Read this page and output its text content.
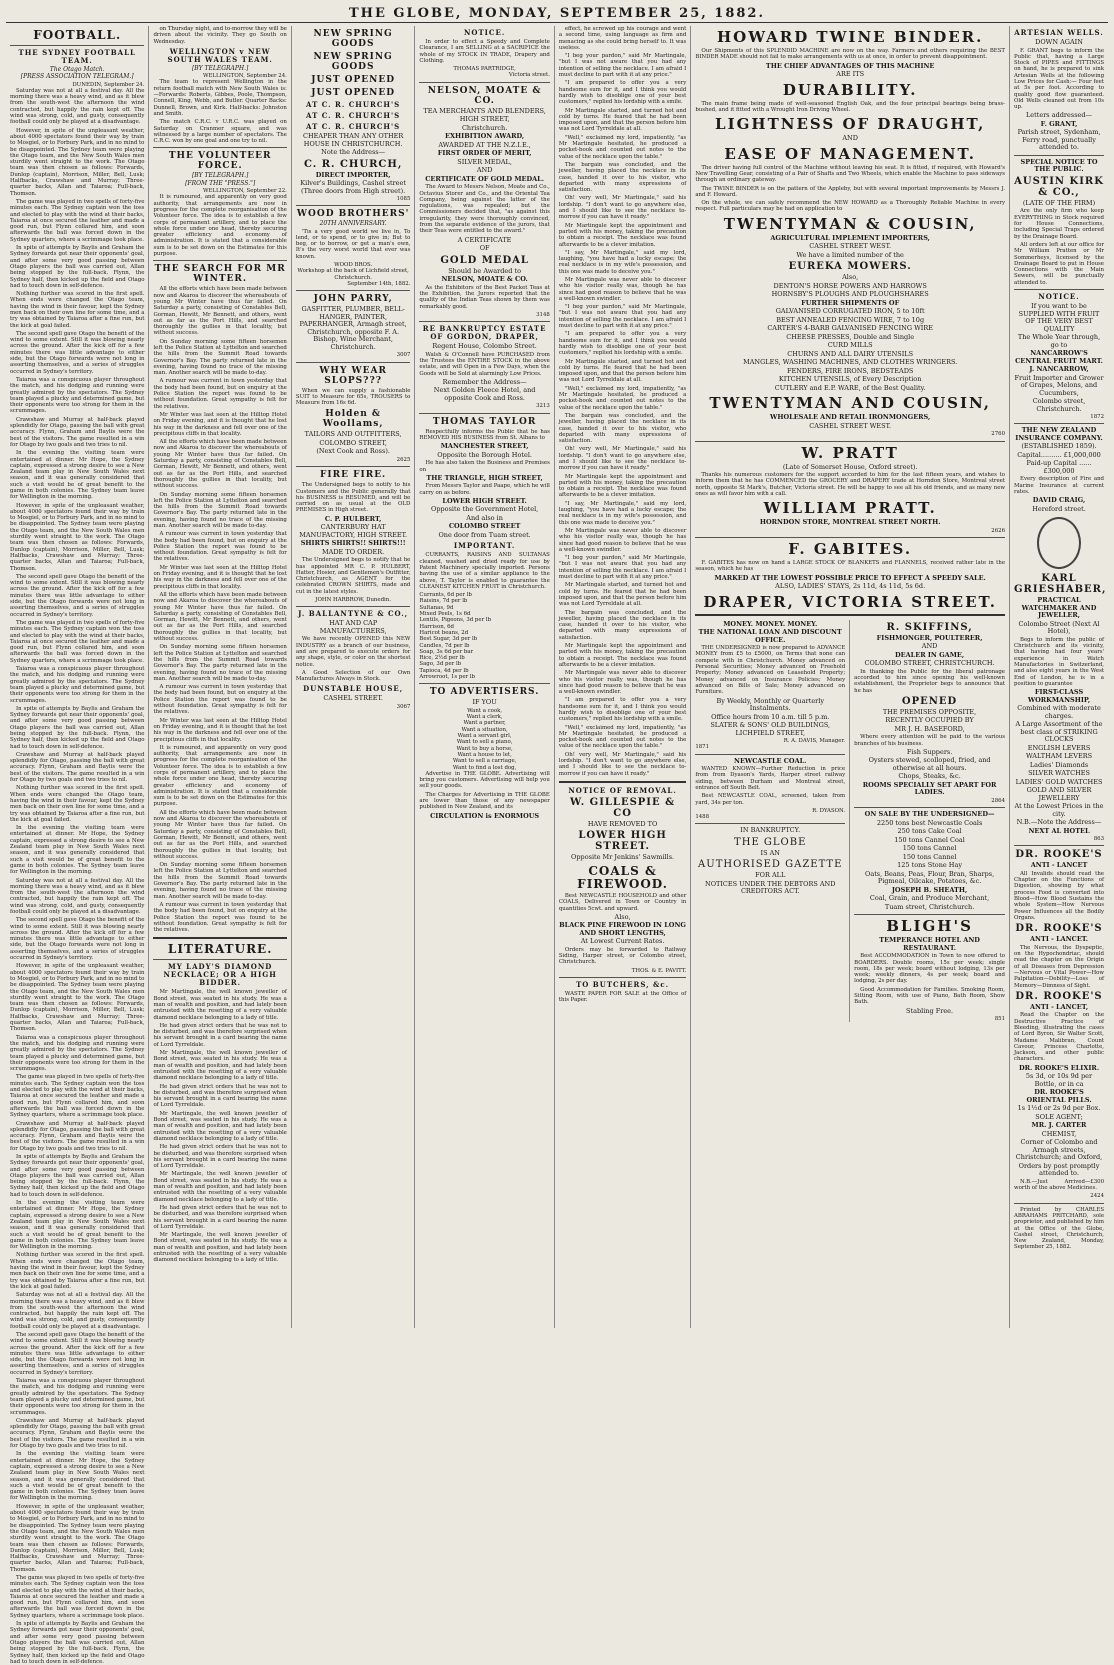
THE GLOBE, MONDAY, SEPTEMBER 25, 1882.
FOOTBALL.
THE SYDNEY FOOTBALL TEAM.
The Otago Match.
[PRESS ASSOCIATION TELEGRAM.]
DUNEDIN, September 24.

Saturday was not at all a festival day. All the morning there was a heavy wind, and as it blew from the south-west the afternoon the wind contracted, but happily the rain kept off. The wind was strong, cold, and gusty, consequently football could only be played at a disadvantage.

However, in spite of the unpleasant weather, about 4000 spectators found their way by train to Mosgiel, or to Forbury Park, and in no mind to be disappointed. The Sydney team were playing the Otago team, and the New South Wales men sturdily went straight to the work. The Otago team was then chosen as follows: Forwards, Dunlop (captain), Morrison, Miller, Bell, Lusk; Halfbacks, Crawshaw and Murray; Three-quarter backs, Allan and Taiaroa; Full-back, Thomson.

The game was played in two spells of forty-five minutes each. The Sydney captain won the toss and elected to play with the wind at their backs, Taiaroa at once secured the leather and made a good run, but Flynn collared him, and soon afterwards the ball was forced down in the Sydney quarters, where a scrimmage took place.

In spite of attempts by Baylis and Graham the Sydney forwards got near their opponents' goal, and after some very good passing between Otago players the ball was carried out, Allan being stopped by the full-back. Flynn, the Sydney half, then kicked up the field and Otago had to touch down in self-defence.

Nothing further was scored in the first spell. When ends were changed the Otago team, having the wind in their favour, kept the Sydney men back on their own line for some time, and a try was obtained by Taiaroa after a fine run, but the kick at goal failed.

The second spell gave Otago the benefit of the wind to some extent. Still it was blowing nearly across the ground. After the kick off for a few minutes there was little advantage to either side, but the Otago forwards were not long in asserting themselves, and a series of struggles occurred in Sydney's territory.

Taiaroa was a conspicuous player throughout the match, and his dodging and running were greatly admired by the spectators. The Sydney team played a plucky and determined game, but their opponents were too strong for them in the scrummages.

Crawshaw and Murray at half-back played splendidly for Otago, passing the ball with great accuracy. Flynn, Graham and Baylis were the best of the visitors. The game resulted in a win for Otago by two goals and two tries to nil.

In the evening the visiting team were entertained at dinner. Mr Hope, the Sydney captain, expressed a strong desire to see a New Zealand team play in New South Wales next season, and it was generally considered that such a visit would be of great benefit to the game in both colonies. The Sydney team leave for Wellington in the morning.

However, in spite of the unpleasant weather, about 4000 spectators found their way by train to Mosgiel, or to Forbury Park, and in no mind to be disappointed. The Sydney team were playing the Otago team, and the New South Wales men sturdily went straight to the work. The Otago team was then chosen as follows: Forwards, Dunlop (captain), Morrison, Miller, Bell, Lusk; Halfbacks, Crawshaw and Murray; Three-quarter backs, Allan and Taiaroa; Full-back, Thomson.

The second spell gave Otago the benefit of the wind to some extent. Still it was blowing nearly across the ground. After the kick off for a few minutes there was little advantage to either side, but the Otago forwards were not long in asserting themselves, and a series of struggles occurred in Sydney's territory.

The game was played in two spells of forty-five minutes each. The Sydney captain won the toss and elected to play with the wind at their backs, Taiaroa at once secured the leather and made a good run, but Flynn collared him, and soon afterwards the ball was forced down in the Sydney quarters, where a scrimmage took place.

Taiaroa was a conspicuous player throughout the match, and his dodging and running were greatly admired by the spectators. The Sydney team played a plucky and determined game, but their opponents were too strong for them in the scrummages.

In spite of attempts by Baylis and Graham the Sydney forwards got near their opponents' goal, and after some very good passing between Otago players the ball was carried out, Allan being stopped by the full-back. Flynn, the Sydney half, then kicked up the field and Otago had to touch down in self-defence.

Crawshaw and Murray at half-back played splendidly for Otago, passing the ball with great accuracy. Flynn, Graham and Baylis were the best of the visitors. The game resulted in a win for Otago by two goals and two tries to nil.

Nothing further was scored in the first spell. When ends were changed the Otago team, having the wind in their favour, kept the Sydney men back on their own line for some time, and a try was obtained by Taiaroa after a fine run, but the kick at goal failed.

In the evening the visiting team were entertained at dinner. Mr Hope, the Sydney captain, expressed a strong desire to see a New Zealand team play in New South Wales next season, and it was generally considered that such a visit would be of great benefit to the game in both colonies. The Sydney team leave for Wellington in the morning.

Saturday was not at all a festival day. All the morning there was a heavy wind, and as it blew from the south-west the afternoon the wind contracted, but happily the rain kept off. The wind was strong, cold, and gusty, consequently football could only be played at a disadvantage.

The second spell gave Otago the benefit of the wind to some extent. Still it was blowing nearly across the ground. After the kick off for a few minutes there was little advantage to either side, but the Otago forwards were not long in asserting themselves, and a series of struggles occurred in Sydney's territory.

However, in spite of the unpleasant weather, about 4000 spectators found their way by train to Mosgiel, or to Forbury Park, and in no mind to be disappointed. The Sydney team were playing the Otago team, and the New South Wales men sturdily went straight to the work. The Otago team was then chosen as follows: Forwards, Dunlop (captain), Morrison, Miller, Bell, Lusk; Halfbacks, Crawshaw and Murray; Three-quarter backs, Allan and Taiaroa; Full-back, Thomson.

Taiaroa was a conspicuous player throughout the match, and his dodging and running were greatly admired by the spectators. The Sydney team played a plucky and determined game, but their opponents were too strong for them in the scrummages.

The game was played in two spells of forty-five minutes each. The Sydney captain won the toss and elected to play with the wind at their backs, Taiaroa at once secured the leather and made a good run, but Flynn collared him, and soon afterwards the ball was forced down in the Sydney quarters, where a scrimmage took place.

Crawshaw and Murray at half-back played splendidly for Otago, passing the ball with great accuracy. Flynn, Graham and Baylis were the best of the visitors. The game resulted in a win for Otago by two goals and two tries to nil.

In spite of attempts by Baylis and Graham the Sydney forwards got near their opponents' goal, and after some very good passing between Otago players the ball was carried out, Allan being stopped by the full-back. Flynn, the Sydney half, then kicked up the field and Otago had to touch down in self-defence.

In the evening the visiting team were entertained at dinner. Mr Hope, the Sydney captain, expressed a strong desire to see a New Zealand team play in New South Wales next season, and it was generally considered that such a visit would be of great benefit to the game in both colonies. The Sydney team leave for Wellington in the morning.

Nothing further was scored in the first spell. When ends were changed the Otago team, having the wind in their favour, kept the Sydney men back on their own line for some time, and a try was obtained by Taiaroa after a fine run, but the kick at goal failed.

Saturday was not at all a festival day. All the morning there was a heavy wind, and as it blew from the south-west the afternoon the wind contracted, but happily the rain kept off. The wind was strong, cold, and gusty, consequently football could only be played at a disadvantage.

The second spell gave Otago the benefit of the wind to some extent. Still it was blowing nearly across the ground. After the kick off for a few minutes there was little advantage to either side, but the Otago forwards were not long in asserting themselves, and a series of struggles occurred in Sydney's territory.

Taiaroa was a conspicuous player throughout the match, and his dodging and running were greatly admired by the spectators. The Sydney team played a plucky and determined game, but their opponents were too strong for them in the scrummages.

Crawshaw and Murray at half-back played splendidly for Otago, passing the ball with great accuracy. Flynn, Graham and Baylis were the best of the visitors. The game resulted in a win for Otago by two goals and two tries to nil.

In the evening the visiting team were entertained at dinner. Mr Hope, the Sydney captain, expressed a strong desire to see a New Zealand team play in New South Wales next season, and it was generally considered that such a visit would be of great benefit to the game in both colonies. The Sydney team leave for Wellington in the morning.

However, in spite of the unpleasant weather, about 4000 spectators found their way by train to Mosgiel, or to Forbury Park, and in no mind to be disappointed. The Sydney team were playing the Otago team, and the New South Wales men sturdily went straight to the work. The Otago team was then chosen as follows: Forwards, Dunlop (captain), Morrison, Miller, Bell, Lusk; Halfbacks, Crawshaw and Murray; Three-quarter backs, Allan and Taiaroa; Full-back, Thomson.

The game was played in two spells of forty-five minutes each. The Sydney captain won the toss and elected to play with the wind at their backs, Taiaroa at once secured the leather and made a good run, but Flynn collared him, and soon afterwards the ball was forced down in the Sydney quarters, where a scrimmage took place.

In spite of attempts by Baylis and Graham the Sydney forwards got near their opponents' goal, and after some very good passing between Otago players the ball was carried out, Allan being stopped by the full-back. Flynn, the Sydney half, then kicked up the field and Otago had to touch down in self-defence.

on Thursday night, and to-morrow they will be driven about the vicinity. They go South on Wednesday.

WELLINGTON v NEW SOUTH WALES TEAM.
[BY TELEGRAPH.]
WELLINGTON, September 24.

The team to represent Wellington in the return football match with New South Wales is:—Forwards: Roberts, Gibbes, Poole, Thompson, Connell, King, Webb, and Butler. Quarter Backs: Dunnell, Brown, and Kirk. Half-backs: Johnston and Smith.

The match C.R.C. v U.R.C. was played on Saturday on Cranmer square, and was witnessed by a large number of spectators. The C.R.C. won by one goal and one try to nil.

THE VOLUNTEER FORCE.
[BY TELEGRAPH.]
[FROM THE "PRESS."]
WELLINGTON, September 22.

It is rumoured, and apparently on very good authority, that arrangements are now in progress for the complete reorganisation of the Volunteer force. The idea is to establish a few corps of permanent artillery, and to place the whole force under one head, thereby securing greater efficiency and economy of administration. It is stated that a considerable sum is to be set down on the Estimates for this purpose.

THE SEARCH FOR MR WINTER.

All the efforts which have been made between now and Akaroa to discover the whereabouts of young Mr Winter have thus far failed. On Saturday a party, consisting of Constables Bell, Gorman, Hewitt, Mr Bennett, and others, went out as far as the Port Hills, and searched thoroughly the gullies in that locality, but without success.

On Sunday morning some fifteen horsemen left the Police Station at Lyttelton and searched the hills from the Summit Road towards Governor's Bay. The party returned late in the evening, having found no trace of the missing man. Another search will be made to-day.

A rumour was current in town yesterday that the body had been found, but on enquiry at the Police Station the report was found to be without foundation. Great sympathy is felt for the relatives.

Mr Winter was last seen at the Hilltop Hotel on Friday evening, and it is thought that he lost his way in the darkness and fell over one of the precipitous cliffs in that locality.

All the efforts which have been made between now and Akaroa to discover the whereabouts of young Mr Winter have thus far failed. On Saturday a party, consisting of Constables Bell, Gorman, Hewitt, Mr Bennett, and others, went out as far as the Port Hills, and searched thoroughly the gullies in that locality, but without success.

On Sunday morning some fifteen horsemen left the Police Station at Lyttelton and searched the hills from the Summit Road towards Governor's Bay. The party returned late in the evening, having found no trace of the missing man. Another search will be made to-day.

A rumour was current in town yesterday that the body had been found, but on enquiry at the Police Station the report was found to be without foundation. Great sympathy is felt for the relatives.

Mr Winter was last seen at the Hilltop Hotel on Friday evening, and it is thought that he lost his way in the darkness and fell over one of the precipitous cliffs in that locality.

All the efforts which have been made between now and Akaroa to discover the whereabouts of young Mr Winter have thus far failed. On Saturday a party, consisting of Constables Bell, Gorman, Hewitt, Mr Bennett, and others, went out as far as the Port Hills, and searched thoroughly the gullies in that locality, but without success.

On Sunday morning some fifteen horsemen left the Police Station at Lyttelton and searched the hills from the Summit Road towards Governor's Bay. The party returned late in the evening, having found no trace of the missing man. Another search will be made to-day.

A rumour was current in town yesterday that the body had been found, but on enquiry at the Police Station the report was found to be without foundation. Great sympathy is felt for the relatives.

Mr Winter was last seen at the Hilltop Hotel on Friday evening, and it is thought that he lost his way in the darkness and fell over one of the precipitous cliffs in that locality.

It is rumoured, and apparently on very good authority, that arrangements are now in progress for the complete reorganisation of the Volunteer force. The idea is to establish a few corps of permanent artillery, and to place the whole force under one head, thereby securing greater efficiency and economy of administration. It is stated that a considerable sum is to be set down on the Estimates for this purpose.

All the efforts which have been made between now and Akaroa to discover the whereabouts of young Mr Winter have thus far failed. On Saturday a party, consisting of Constables Bell, Gorman, Hewitt, Mr Bennett, and others, went out as far as the Port Hills, and searched thoroughly the gullies in that locality, but without success.

On Sunday morning some fifteen horsemen left the Police Station at Lyttelton and searched the hills from the Summit Road towards Governor's Bay. The party returned late in the evening, having found no trace of the missing man. Another search will be made to-day.

A rumour was current in town yesterday that the body had been found, but on enquiry at the Police Station the report was found to be without foundation. Great sympathy is felt for the relatives.

LITERATURE.
MY LADY'S DIAMOND NECKLACE; OR A HIGH BIDDER.

Mr Martingale, the well known jeweller of Bond street, was seated in his study. He was a man of wealth and position, and had lately been entrusted with the resetting of a very valuable diamond necklace belonging to a lady of title.

He had given strict orders that he was not to be disturbed, and was therefore surprised when his servant brought in a card bearing the name of Lord Tyrreldale.

Mr Martingale, the well known jeweller of Bond street, was seated in his study. He was a man of wealth and position, and had lately been entrusted with the resetting of a very valuable diamond necklace belonging to a lady of title.

He had given strict orders that he was not to be disturbed, and was therefore surprised when his servant brought in a card bearing the name of Lord Tyrreldale.

Mr Martingale, the well known jeweller of Bond street, was seated in his study. He was a man of wealth and position, and had lately been entrusted with the resetting of a very valuable diamond necklace belonging to a lady of title.

He had given strict orders that he was not to be disturbed, and was therefore surprised when his servant brought in a card bearing the name of Lord Tyrreldale.

Mr Martingale, the well known jeweller of Bond street, was seated in his study. He was a man of wealth and position, and had lately been entrusted with the resetting of a very valuable diamond necklace belonging to a lady of title.

He had given strict orders that he was not to be disturbed, and was therefore surprised when his servant brought in a card bearing the name of Lord Tyrreldale.

Mr Martingale, the well known jeweller of Bond street, was seated in his study. He was a man of wealth and position, and had lately been entrusted with the resetting of a very valuable diamond necklace belonging to a lady of title.

NEW SPRING GOODS
NEW SPRING GOODS
JUST OPENED
JUST OPENED
AT C. R. CHURCH'S
AT C. R. CHURCH'S
AT C. R. CHURCH'S
CHEAPER THAN ANY OTHER HOUSE IN CHRISTCHURCH.
Note the Address—
C. R. CHURCH,
DIRECT IMPORTER,
Kilver's Buildings, Cashel street (Three doors from High street).
1085
WOOD BROTHERS'
20TH ANNIVERSARY.

'Tis a very good world we live in, To lend, or to spend, or to give in; But to beg, or to borrow, or get a man's own, It's the very worst world that ever was known.

WOOD BROS.
Workshop at the back of Lichfield street, Christchurch.
September 14th, 1882.
JOHN PARRY,
GASFITTER, PLUMBER, BELL-HANGER, PAINTER, PAPERHANGER, Armagh street, Christchurch, opposite F. A. Bishop, Wine Merchant, Christchurch.
3007
WHY WEAR SLOPS???

When we can supply a fashionable SUIT to Measure for 65s, TROUSERS to Measure from 16s 6d.

Holden & Woollams,
TAILORS AND OUTFITTERS,
COLOMBO STREET,
(Next Cook and Ross).
2625
FIRE FIRE.

The Undersigned begs to notify to his Customers and the Public generally that his BUSINESS is RESUMED, and will be carried on as usual at the OLD PREMISES in High street.

C. P. HULBERT,
CANTERBURY HAT MANUFACTORY, HIGH STREET.
SHIRTS SHIRTS!! SHIRTS!!!
MADE TO ORDER.

The Undersigned begs to notify that he has appointed MR C. P. HULBERT, Hatter, Hosier, and Gentlemen's Outfitter, Christchurch, as AGENT for the celebrated CROWN SHIRTS, made and cut in the latest styles.

JOHN HARBROW, Dunedin.
J. BALLANTYNE & CO.,
HAT AND CAP MANUFACTURERS,

We have recently OPENED this NEW INDUSTRY as a branch of our business, and are prepared to execute orders for any shape, style, or color on the shortest notice.

A Good Selection of our Own Manufactures Always in Stock.

DUNSTABLE HOUSE,
CASHEL STREET.
3067
NOTICE.

In order to effect a Speedy and Complete Clearance, I am SELLING at a SACRIFICE the whole of my STOCK IN TRADE, Drapery and Clothing.

THOMAS PARTRIDGE,
Victoria street.
NELSON, MOATE & CO.
TEA MERCHANTS AND BLENDERS,
HIGH STREET,
Christchurch.
EXHIBITION AWARD,
AWARDED AT THE N.Z.I.E.,
FIRST ORDER OF MERIT,
SILVER MEDAL,
AND
CERTIFICATE OF GOLD MEDAL.

The Award to Messrs Nelson, Moate and Co., Octavius Storer and Co., and the Oriental Tea Company, being against the latter of the regulations, was repealed; but the Commissioners decided that, "as against this irregularity, they were thoroughly convinced, from the separate evidence of the jurors, that their Teas were entitled to the award."

A CERTIFICATE
OF
GOLD MEDAL
Should be Awarded to
NELSON, MOATE & CO.

As the Exhibitors of the Best Packet Teas at the Exhibition, the Jurors reported that the quality of the Indian Teas shown by them was remarkably good.

3148
RE BANKRUPTCY ESTATE OF GORDON, DRAPER,
Regent House, Colombo Street.

Walsh & O'Connell have PURCHASED from the Trustees the ENTIRE STOCK in the above estate, and will Open in a Few Days, when the Goods will be Sold at alarmingly Low Prices.

Remember the Address—
Next Golden Fleece Hotel, and opposite Cook and Ross.
3213
THOMAS TAYLOR

Respectfully informs the Public that he has REMOVED HIS BUSINESS from St. Albans to

MANCHESTER STREET,
Opposite the Borough Hotel.

He has also taken the Business and Premises on

THE TRIANGLE, HIGH STREET,

From Messrs Taylor and Paape, which he will carry on as before.

LOWER HIGH STREET.
Opposite the Government Hotel,
And also in
COLOMBO STREET
One door from Tuam street.
IMPORTANT.

CURRANTS, RAISINS AND SULTANAS cleaned, washed and dried ready for use by Patent Machinery specially imported. Persons having the use of a similar appliance to the above, T. Taylor is enabled to guarantee the CLEANEST KITCHEN FRUIT in Christchurch.

Currants, 6d per lb
Raisins, 7d per lb
Sultanas, 9d
Mixed Peels, 1s 6d
Lentils, Pigeons, 3d per lb
Harrison, 6d
Haricot beans, 2d
Best Sugar, 3d per lb
Candles, 7d per lb
Soap, 3s 6d per bar
Rice, 2½d per lb
Sago, 3d per lb
Tapioca, 4d per lb
Arrowroot, 1s per lb
TO ADVERTISERS.
IF YOU
Want a cook,
Want a clerk,
Want a partner,
Want a situation,
Want a servant girl,
Want to sell a piano,
Want to buy a horse,
Want a house to let,
Want to sell a carriage,
Want to find a lost dog,

Advertise in THE GLOBE. Advertising will bring you customers. Advertising will help you sell your goods.

The Charges for Advertising in THE GLOBE are lower than those of any newspaper published in New Zealand, and its

CIRCULATION is ENORMOUS

effect, he screwed up his courage and went a second time, using language as firm and menacing as she could bring herself to. It was useless.

"I beg your pardon," said Mr Martingale, "but I was not aware that you had any intention of selling the necklace. I am afraid I must decline to part with it at any price."

"I am prepared to offer you a very handsome sum for it, and I think you would hardly wish to disoblige one of your best customers," replied his lordship with a smile.

Mr Martingale started, and turned hot and cold by turns. He feared that he had been imposed upon, and that the person before him was not Lord Tyrreldale at all.

"Well," exclaimed my lord, impatiently, "as Mr Martingale hesitated, he produced a pocket-book and counted out notes to the value of the necklace upon the table."

The bargain was concluded, and the jeweller, having placed the necklace in its case, handed it over to his visitor, who departed with many expressions of satisfaction.

Oh! very well, Mr Martingale," said his lordship. "I don't want to go anywhere else, and I should like to see the necklace to-morrow if you can have it ready."

Mr Martingale kept the appointment and parted with his money, taking the precaution to obtain a receipt. The necklace was found afterwards to be a clever imitation.

"I say, Mr Martingale," said my lord, laughing, "you have had a lucky escape; the real necklace is in my wife's possession, and this one was made to deceive you."

Mr Martingale was never able to discover who his visitor really was, though he has since had good reason to believe that he was a well-known swindler.

"I beg your pardon," said Mr Martingale, "but I was not aware that you had any intention of selling the necklace. I am afraid I must decline to part with it at any price."

"I am prepared to offer you a very handsome sum for it, and I think you would hardly wish to disoblige one of your best customers," replied his lordship with a smile.

Mr Martingale started, and turned hot and cold by turns. He feared that he had been imposed upon, and that the person before him was not Lord Tyrreldale at all.

"Well," exclaimed my lord, impatiently, "as Mr Martingale hesitated, he produced a pocket-book and counted out notes to the value of the necklace upon the table."

The bargain was concluded, and the jeweller, having placed the necklace in its case, handed it over to his visitor, who departed with many expressions of satisfaction.

Oh! very well, Mr Martingale," said his lordship. "I don't want to go anywhere else, and I should like to see the necklace to-morrow if you can have it ready."

Mr Martingale kept the appointment and parted with his money, taking the precaution to obtain a receipt. The necklace was found afterwards to be a clever imitation.

"I say, Mr Martingale," said my lord, laughing, "you have had a lucky escape; the real necklace is in my wife's possession, and this one was made to deceive you."

Mr Martingale was never able to discover who his visitor really was, though he has since had good reason to believe that he was a well-known swindler.

"I beg your pardon," said Mr Martingale, "but I was not aware that you had any intention of selling the necklace. I am afraid I must decline to part with it at any price."

Mr Martingale started, and turned hot and cold by turns. He feared that he had been imposed upon, and that the person before him was not Lord Tyrreldale at all.

The bargain was concluded, and the jeweller, having placed the necklace in its case, handed it over to his visitor, who departed with many expressions of satisfaction.

Mr Martingale kept the appointment and parted with his money, taking the precaution to obtain a receipt. The necklace was found afterwards to be a clever imitation.

Mr Martingale was never able to discover who his visitor really was, though he has since had good reason to believe that he was a well-known swindler.

"I am prepared to offer you a very handsome sum for it, and I think you would hardly wish to disoblige one of your best customers," replied his lordship with a smile.

"Well," exclaimed my lord, impatiently, "as Mr Martingale hesitated, he produced a pocket-book and counted out notes to the value of the necklace upon the table."

Oh! very well, Mr Martingale," said his lordship. "I don't want to go anywhere else, and I should like to see the necklace to-morrow if you can have it ready."

NOTICE OF REMOVAL.
W. GILLESPIE & CO
HAVE REMOVED TO
LOWER HIGH STREET.
Opposite Mr Jenkins' Sawmills.
COALS & FIREWOOD.

Best NEWCASTLE HOUSEHOLD and other COALS, Delivered in Town or Country in quantities 5cwt. and upward.

Also,
BLACK PINE FIREWOOD IN LONG AND SHORT LENGTHS,
At Lowest Current Rates.

Orders may be forwarded to Railway Siding, Harper street, or Colombo street, Christchurch.

THOS. & E. PAVITT.
TO BUTCHERS, &c.

WASTE PAPER FOR SALE at the Office of this Paper.

HOWARD TWINE BINDER.

Our Shipments of this SPLENDID MACHINE are now on the way. Farmers and others requiring the BEST BINDER MADE should not fail to make arrangements with us at once, in order to prevent disappointment.

THE CHIEF ADVANTAGES OF THIS MACHINE
ARE ITS
DURABILITY.

The main frame being made of well-seasoned English Oak, and the four principal bearings being brass-bushed, and it fitted with a Wrought Iron Driving Wheel.

LIGHTNESS OF DRAUGHT,
AND
EASE OF MANAGEMENT.

The driver having full control of the Machine without leaving his seat. It is fitted, if required, with Howard's New Travelling Gear, consisting of a Pair of Shafts and Two Wheels, which enable the Machine to pass sideways through an ordinary gateway.

The TWINE BINDER is on the pattern of the Appleby, but with several important improvements by Messrs J. and F. Howard.

On the whole, we can safely recommend the NEW HOWARD as a Thoroughly Reliable Machine in every respect. Full particulars may be had on application to

TWENTYMAN & COUSIN,
AGRICULTURAL IMPLEMENT IMPORTERS,
CASHEL STREET WEST.
We have a limited number of the
EUREKA MOWERS.
Also,
DENTON'S HORSE POWERS AND HARROWS
HORNSBY'S PLOUGHS AND PLOUGHSHARES
FURTHER SHIPMENTS OF
GALVANISED CORRUGATED IRON, 5 to 10ft
BEST ANNEALED FENCING WIRE, 7 to 10g
CARTER'S 4-BARB GALVANISED FENCING WIRE
CHEESE PRESSES, Double and Single
CURD MILLS
CHURNS AND ALL DAIRY UTENSILS
MANGLES, WASHING MACHINES, AND CLOTHES WRINGERS.
FENDERS, FIRE IRONS, BEDSTEADS
KITCHEN UTENSILS, of Every Description
CUTLERY and E.P. WARE, of the Best Quality.
TWENTYMAN AND COUSIN,
WHOLESALE AND RETAIL IRONMONGERS,
CASHEL STREET WEST.
2760
W. PRATT
(Late of Somerset House, Oxford street).

Thanks his numerous customers for the support accorded to him for the last fifteen years, and wishes to inform them that he has COMMENCED the GROCERY and DRAPERY trade at Horndon Store, Montreal street north, opposite St Mark's, Butcher, Victoria street. He will be happy to see all his old friends, and as many new ones as will favor him with a call.

WILLIAM PRATT.
HORNDON STORE, MONTREAL STREET NORTH.
2626
F. GABITES.

F. GABITES has now on hand a LARGE STOCK OF BLANKETS and FLANNELS, received rather late in the season, which he has

MARKED AT THE LOWEST POSSIBLE PRICE TO EFFECT A SPEEDY SALE.
ALSO, LADIES' STAYS, 2s 11d, 4s 11d, 5s 6d.
DRAPER, VICTORIA STREET.
MONEY. MONEY. MONEY.
THE NATIONAL LOAN AND DISCOUNT OFFICE.

THE UNDERSIGNED is now prepared to ADVANCE MONEY from £5 to £5000, on Terms that none can compete with in Christchurch. Money advanced on Personal Securities; Money advanced on Freehold Property; Money advanced on Leasehold Property; Money advanced on Insurance Policies; Money advanced on Bills of Sale; Money advanced on Furniture.

By Weekly, Monthly or Quarterly Instalments.
Office hours from 10 a.m. till 5 p.m.
SLATER & SONS' OLD BUILDINGS, LICHFIELD STREET,
R. A. DAVIS, Manager.
1871
NEWCASTLE COAL.

WANTED KNOWN—Further Reduction in price from from Dyason's Yards, Harper street railway siding, between Durham and Montreal street, entrance off South Belt.

Best NEWCASTLE COAL, screened, taken from yard, 34s per ton.

R. DYASON.
1488
IN BANKRUPTCY.
THE GLOBE
IS AN
AUTHORISED GAZETTE
FOR ALL
NOTICES UNDER THE DEBTORS AND CREDITORS ACT.
R. SKIFFINS,
FISHMONGER, POULTERER,
AND
DEALER IN GAME,
COLOMBO STREET, CHRISTCHURCH.

In thanking the Public for the liberal patronage accorded to him since opening his well-known establishment, the Proprietor begs to announce that he has

OPENED
THE PREMISES OPPOSITE,
RECENTLY OCCUPIED BY
MR J. H. BASEFORD,

Where every attention will be paid to the various branches of his business.

Fish Suppers.
Oysters stewed, scolloped, fried, and otherwise at all hours.
Chops, Steaks, &c.
ROOMS SPECIALLY SET APART FOR LADIES.
2864
ON SALE BY THE UNDERSIGNED—
2250 tons best Newcastle Coals
250 tons Cake Coal
150 tons Cannel Coal
150 tons Cannel
150 tons Cannel
125 tons Stone Hay
Oats, Beans, Peas, Flour, Bran, Sharps, Pigmeal, Oilcake, Potatoes, &c.
JOSEPH B. SHEATH,
Coal, Grain, and Produce Merchant,
Tuam street, Christchurch.
BLIGH'S
TEMPERANCE HOTEL AND RESTAURANT.

Best ACCOMMODATION in Town to now offered to BOARDERS. Double rooms, 15s per week; single room, 18s per week; board without lodging, 13s per week; weekly dinners, 4s per week; board and lodging, 2s per day.

Good Accommodation for Families. Smoking Room, Sitting Room, with use of Piano, Bath Room, Show Bath.

Stabling Free.
851
ARTESIAN WELLS.
DOWN AGAIN

F. GRANT begs to inform the Public that, having a Large Stock of PIPES and FITTINGS on hand, he is prepared to sink Artesian Wells at the following Low Prices for Cash:— Four feet at 5s per foot. According to quality good flow guaranteed. Old Wells cleaned out from 10s up.

Letters addressed—
F. GRANT,
Parish street, Sydenham, Ferry road, punctually attended to.
SPECIAL NOTICE TO THE PUBLIC.
AUSTIN KIRK & CO.,
(LATE OF THE FIRM)

Are the only firm who keep EVERYTHING in Stock required for House Connections, including Special Traps ordered by the Drainage Board.

All orders left at our office for Mr William Pratten or Mr Sommerheys, licensed by the Drainage Board to put in House Connections with the Main Sewers, will be punctually attended to.

NOTICE.
If you want to be SUPPLIED WITH FRUIT OF THE VERY BEST QUALITY
The Whole Year through, go to
NANCARROW'S CENTRAL FRUIT MART.
J. NANCARROW,
Fruit Importer and Grower of Grapes, Melons, and Cucumbers,
Colombo street, Christchurch.
1872
THE NEW ZEALAND INSURANCE COMPANY.
(ESTABLISHED 1859).
Capital.......... £1,000,000
Paid-up Capital ...... £300,000

Every description of Fire and Marine Insurance at current rates.

DAVID CRAIG,
Hereford street.
KARL GRIESHABER,
PRACTICAL WATCHMAKER AND JEWELLER,
Colombo Street (Next Al Hotel),

Begs to inform the public of Christchurch and its vicinity, that having had four years' experience in Watch Manufactories in Switzerland, and also eight years in the West End of London, he is in a position to guarantee

FIRST-CLASS WORKMANSHIP,
Combined with moderate charges.
A Large Assortment of the best class of STRIKING CLOCKS
ENGLISH LEVERS
WALTHAM LEVERS
Ladies' Diamonds
SILVER WATCHES
LADIES' GOLD WATCHES
GOLD AND SILVER JEWELLERY
At the Lowest Prices in the city.
N.B.—Note the Address—
NEXT AL HOTEL
863
DR. ROOKE'S
ANTI - LANCET

All Invalids should read the Chapter on the Functions of Digestion, showing by what process Food is converted into Blood—How Blood Sustains the whole System—How Nervous Power Influences all the Bodily Organs.

DR. ROOKE'S
ANTI - LANCET.

The Nervous, the Dyspeptic, on the Hypochondriac, should read the chapter on the Origin of all Diseases from Depression—Nervous or Vital Power—How Palpitation—Debility—Loss of Memory—Dimness of Sight.

DR. ROOKE'S
ANTI - LANCET,

Read the Chapter on the Destructive Practice of Bleeding, illustrating the cases of Lord Byron, Sir Walter Scott, Madame Malibran, Count Cavour, Princess Charlotte, Jackson, and other public characters.

DR. ROOKE'S ELIXIR.
5s 3d, or 10s 9d per Bottle, or in ca
DR. ROOKE'S ORIENTAL PILLS.
1s 1½d or 2s 9d per Box.
SOLE AGENT;
MR. J. CARTER
CHEMIST,
Corner of Colombo and Armagh streets, Christchurch; and Oxford,
Orders by post promptly attended to.

N.B.—Just Arrived—£300 worth of the above Medicines.

2424

Printed by CHARLES ABRAHAMS PRITCHARD, sole proprietor, and published by him at the Office of the Globe, Cashel street, Christchurch, New Zealand, Monday, September 25, 1882.
